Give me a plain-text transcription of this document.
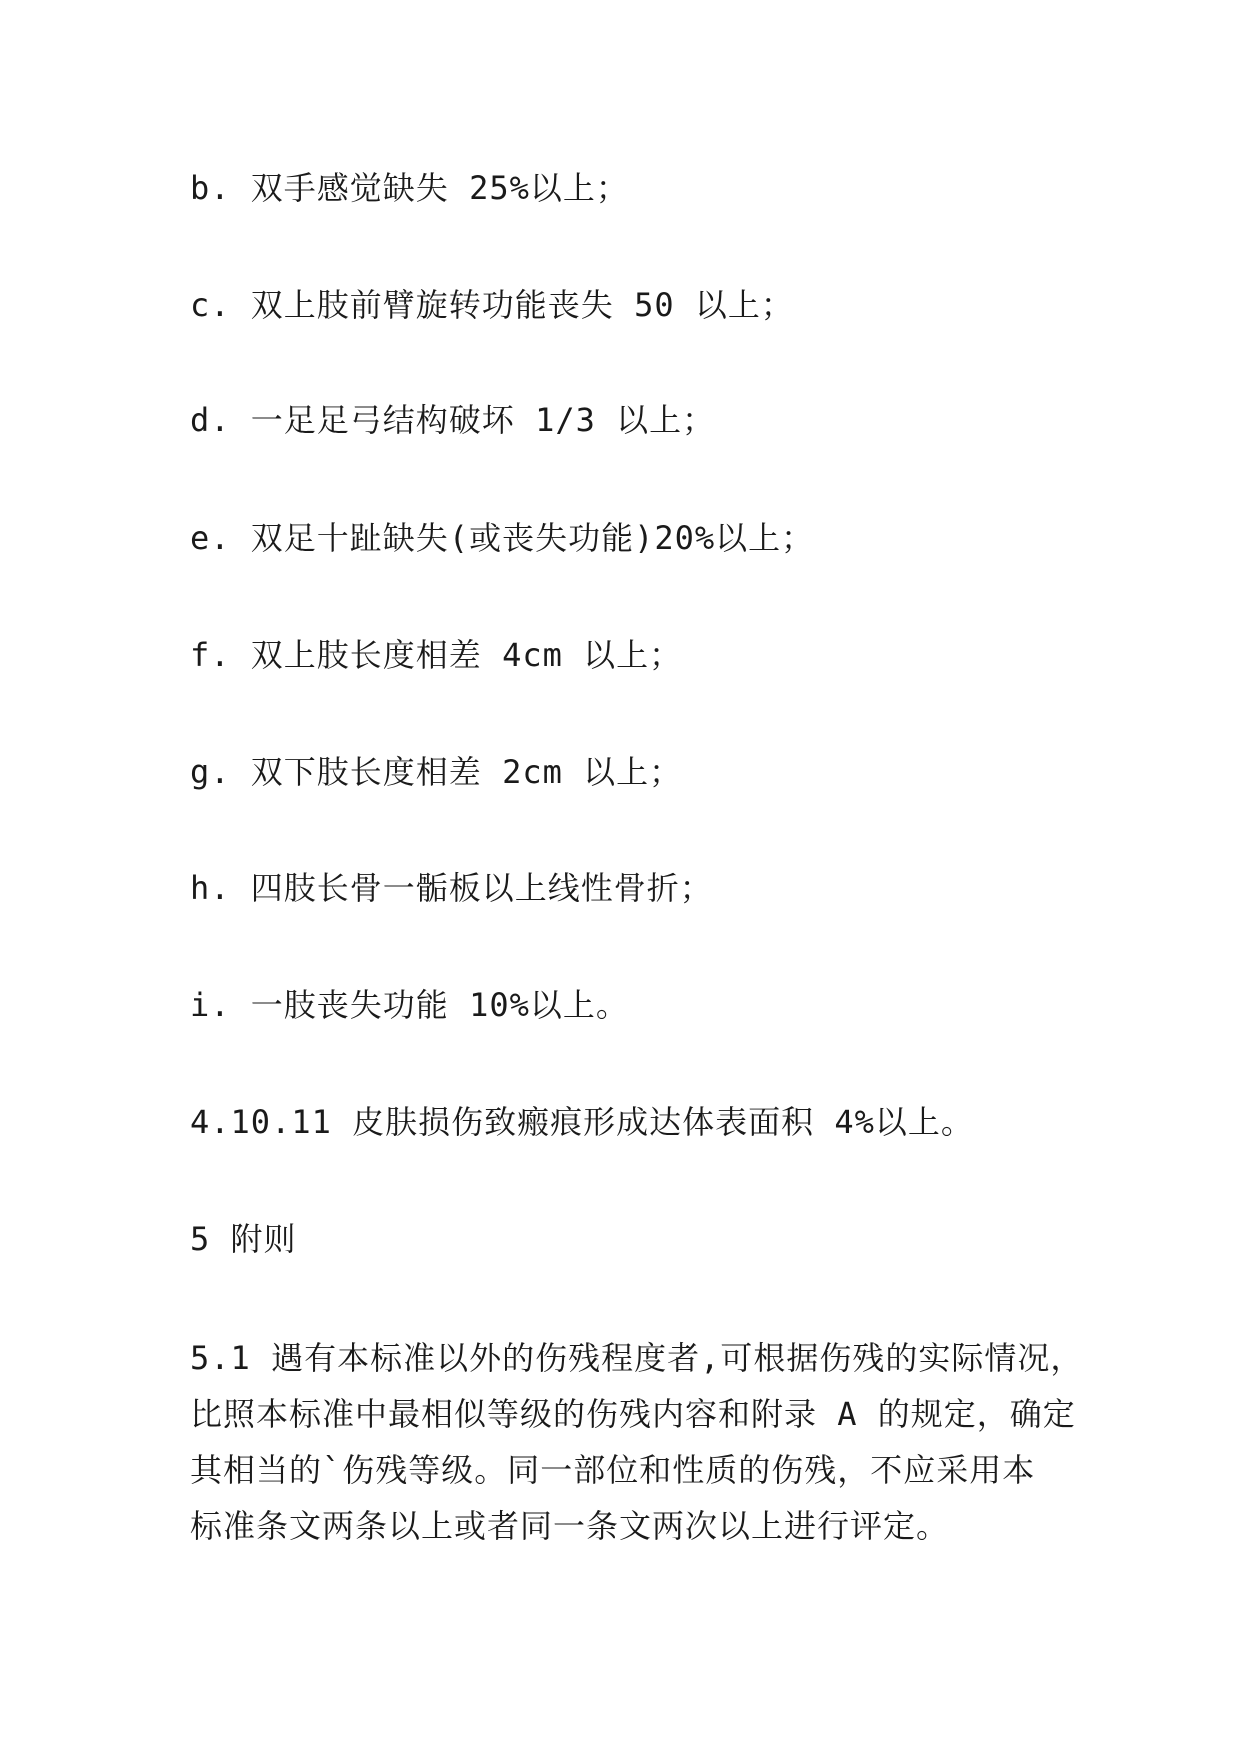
b. 双手感觉缺失 25%以上；

c. 双上肢前臂旋转功能丧失 50 以上；

d. 一足足弓结构破坏 1/3 以上；

e. 双足十趾缺失(或丧失功能)20%以上；

f. 双上肢长度相差 4cm 以上；

g. 双下肢长度相差 2cm 以上；

h. 四肢长骨一骺板以上线性骨折；

i. 一肢丧失功能 10%以上。

4.10.11 皮肤损伤致瘢痕形成达体表面积 4%以上。

5 附则

5.1 遇有本标准以外的伤残程度者,可根据伤残的实际情况，
比照本标准中最相似等级的伤残内容和附录 A 的规定，确定
其相当的`伤残等级。同一部位和性质的伤残，不应采用本
标准条文两条以上或者同一条文两次以上进行评定。
